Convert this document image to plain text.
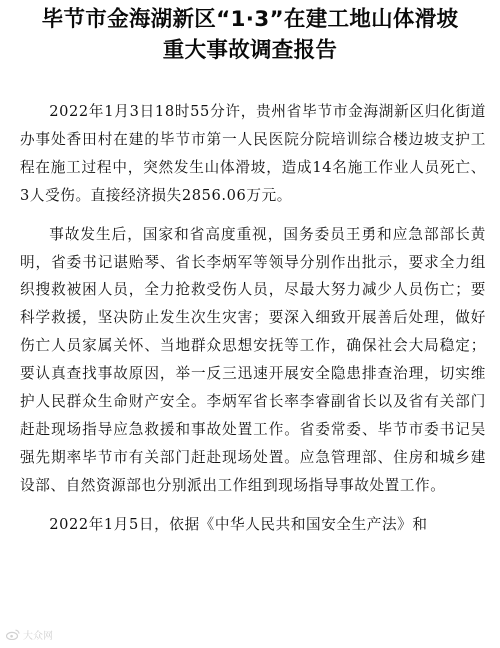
毕节市金海湖新区“1·3”在建工地山体滑坡
重大事故调查报告

2022年1月3日18时55分许，贵州省毕节市金海湖新区归化街道办事处香田村在建的毕节市第一人民医院分院培训综合楼边坡支护工程在施工过程中，突然发生山体滑坡，造成14名施工作业人员死亡、3人受伤。直接经济损失2856.06万元。

事故发生后，国家和省高度重视，国务委员王勇和应急部部长黄明，省委书记谌贻琴、省长李炳军等领导分别作出批示，要求全力组织搜救被困人员，全力抢救受伤人员，尽最大努力减少人员伤亡；要科学救援，坚决防止发生次生灾害；要深入细致开展善后处理，做好伤亡人员家属关怀、当地群众思想安抚等工作，确保社会大局稳定；要认真查找事故原因，举一反三迅速开展安全隐患排查治理，切实维护人民群众生命财产安全。李炳军省长率李睿副省长以及省有关部门赶赴现场指导应急救援和事故处置工作。省委常委、毕节市委书记吴强先期率毕节市有关部门赶赴现场处置。应急管理部、住房和城乡建设部、自然资源部也分别派出工作组到现场指导事故处置工作。

2022年1月5日，依据《中华人民共和国安全生产法》和

大众网
